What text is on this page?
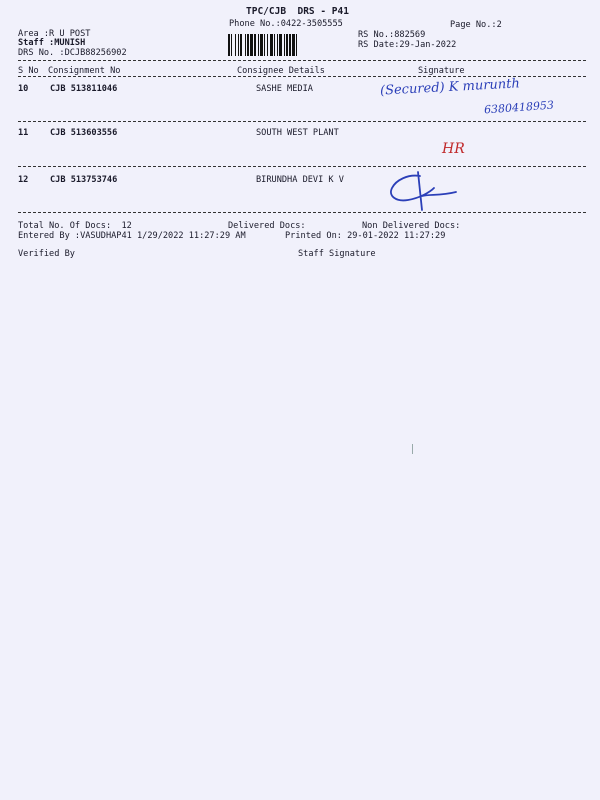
TPC/CJB  DRS - P41
Phone No.:0422-3505555	Page No.:2
Area :R U POST
Staff :MUNISH
DRS No. :DCJB88256902
RS No.:882569
RS Date:29-Jan-2022
S No Consignment No	Consignee Details	Signature
10	CJB 513811046	SASHE MEDIA	(Secured) K murunth
6380418953
11	CJB 513603556	SOUTH WEST PLANT
HR
12	CJB 513753746	BIRUNDHA DEVI K V
Total No. Of Docs:  12	Delivered Docs:	Non Delivered Docs:
Entered By :VASUDHAP41 1/29/2022 11:27:29 AM	Printed On: 29-01-2022 11:27:29
Verified By	Staff Signature
